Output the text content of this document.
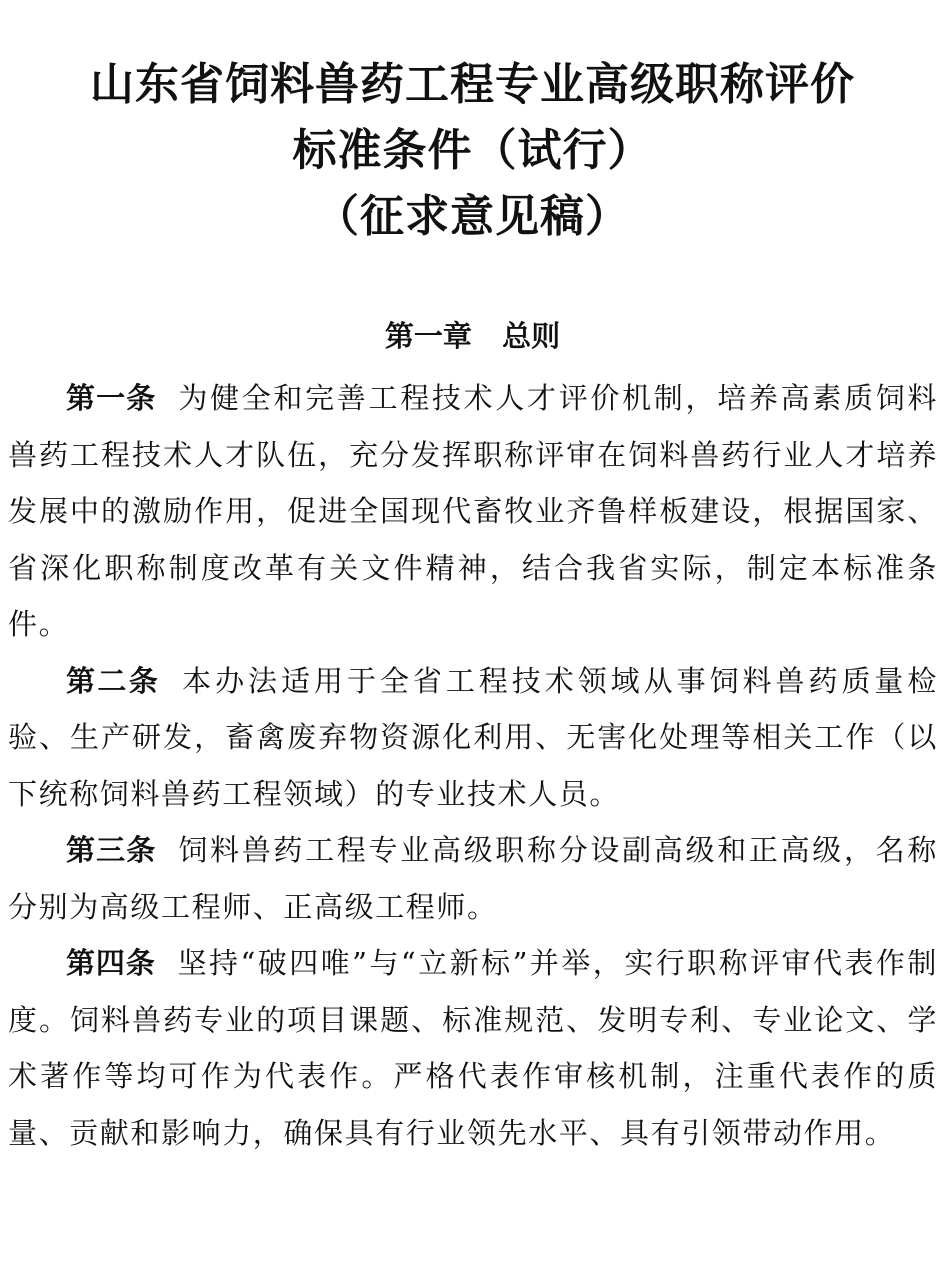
山东省饲料兽药工程专业高级职称评价
标准条件（试行）
（征求意见稿）
第一章   总则

第一条 为健全和完善工程技术人才评价机制，培养高素质饲料兽药工程技术人才队伍，充分发挥职称评审在饲料兽药行业人才培养发展中的激励作用，促进全国现代畜牧业齐鲁样板建设，根据国家、省深化职称制度改革有关文件精神，结合我省实际，制定本标准条件。

第二条 本办法适用于全省工程技术领域从事饲料兽药质量检验、生产研发，畜禽废弃物资源化利用、无害化处理等相关工作（以下统称饲料兽药工程领域）的专业技术人员。

第三条 饲料兽药工程专业高级职称分设副高级和正高级，名称分别为高级工程师、正高级工程师。

第四条 坚持“破四唯”与“立新标”并举，实行职称评审代表作制度。饲料兽药专业的项目课题、标准规范、发明专利、专业论文、学术著作等均可作为代表作。严格代表作审核机制，注重代表作的质量、贡献和影响力，确保具有行业领先水平、具有引领带动作用。
